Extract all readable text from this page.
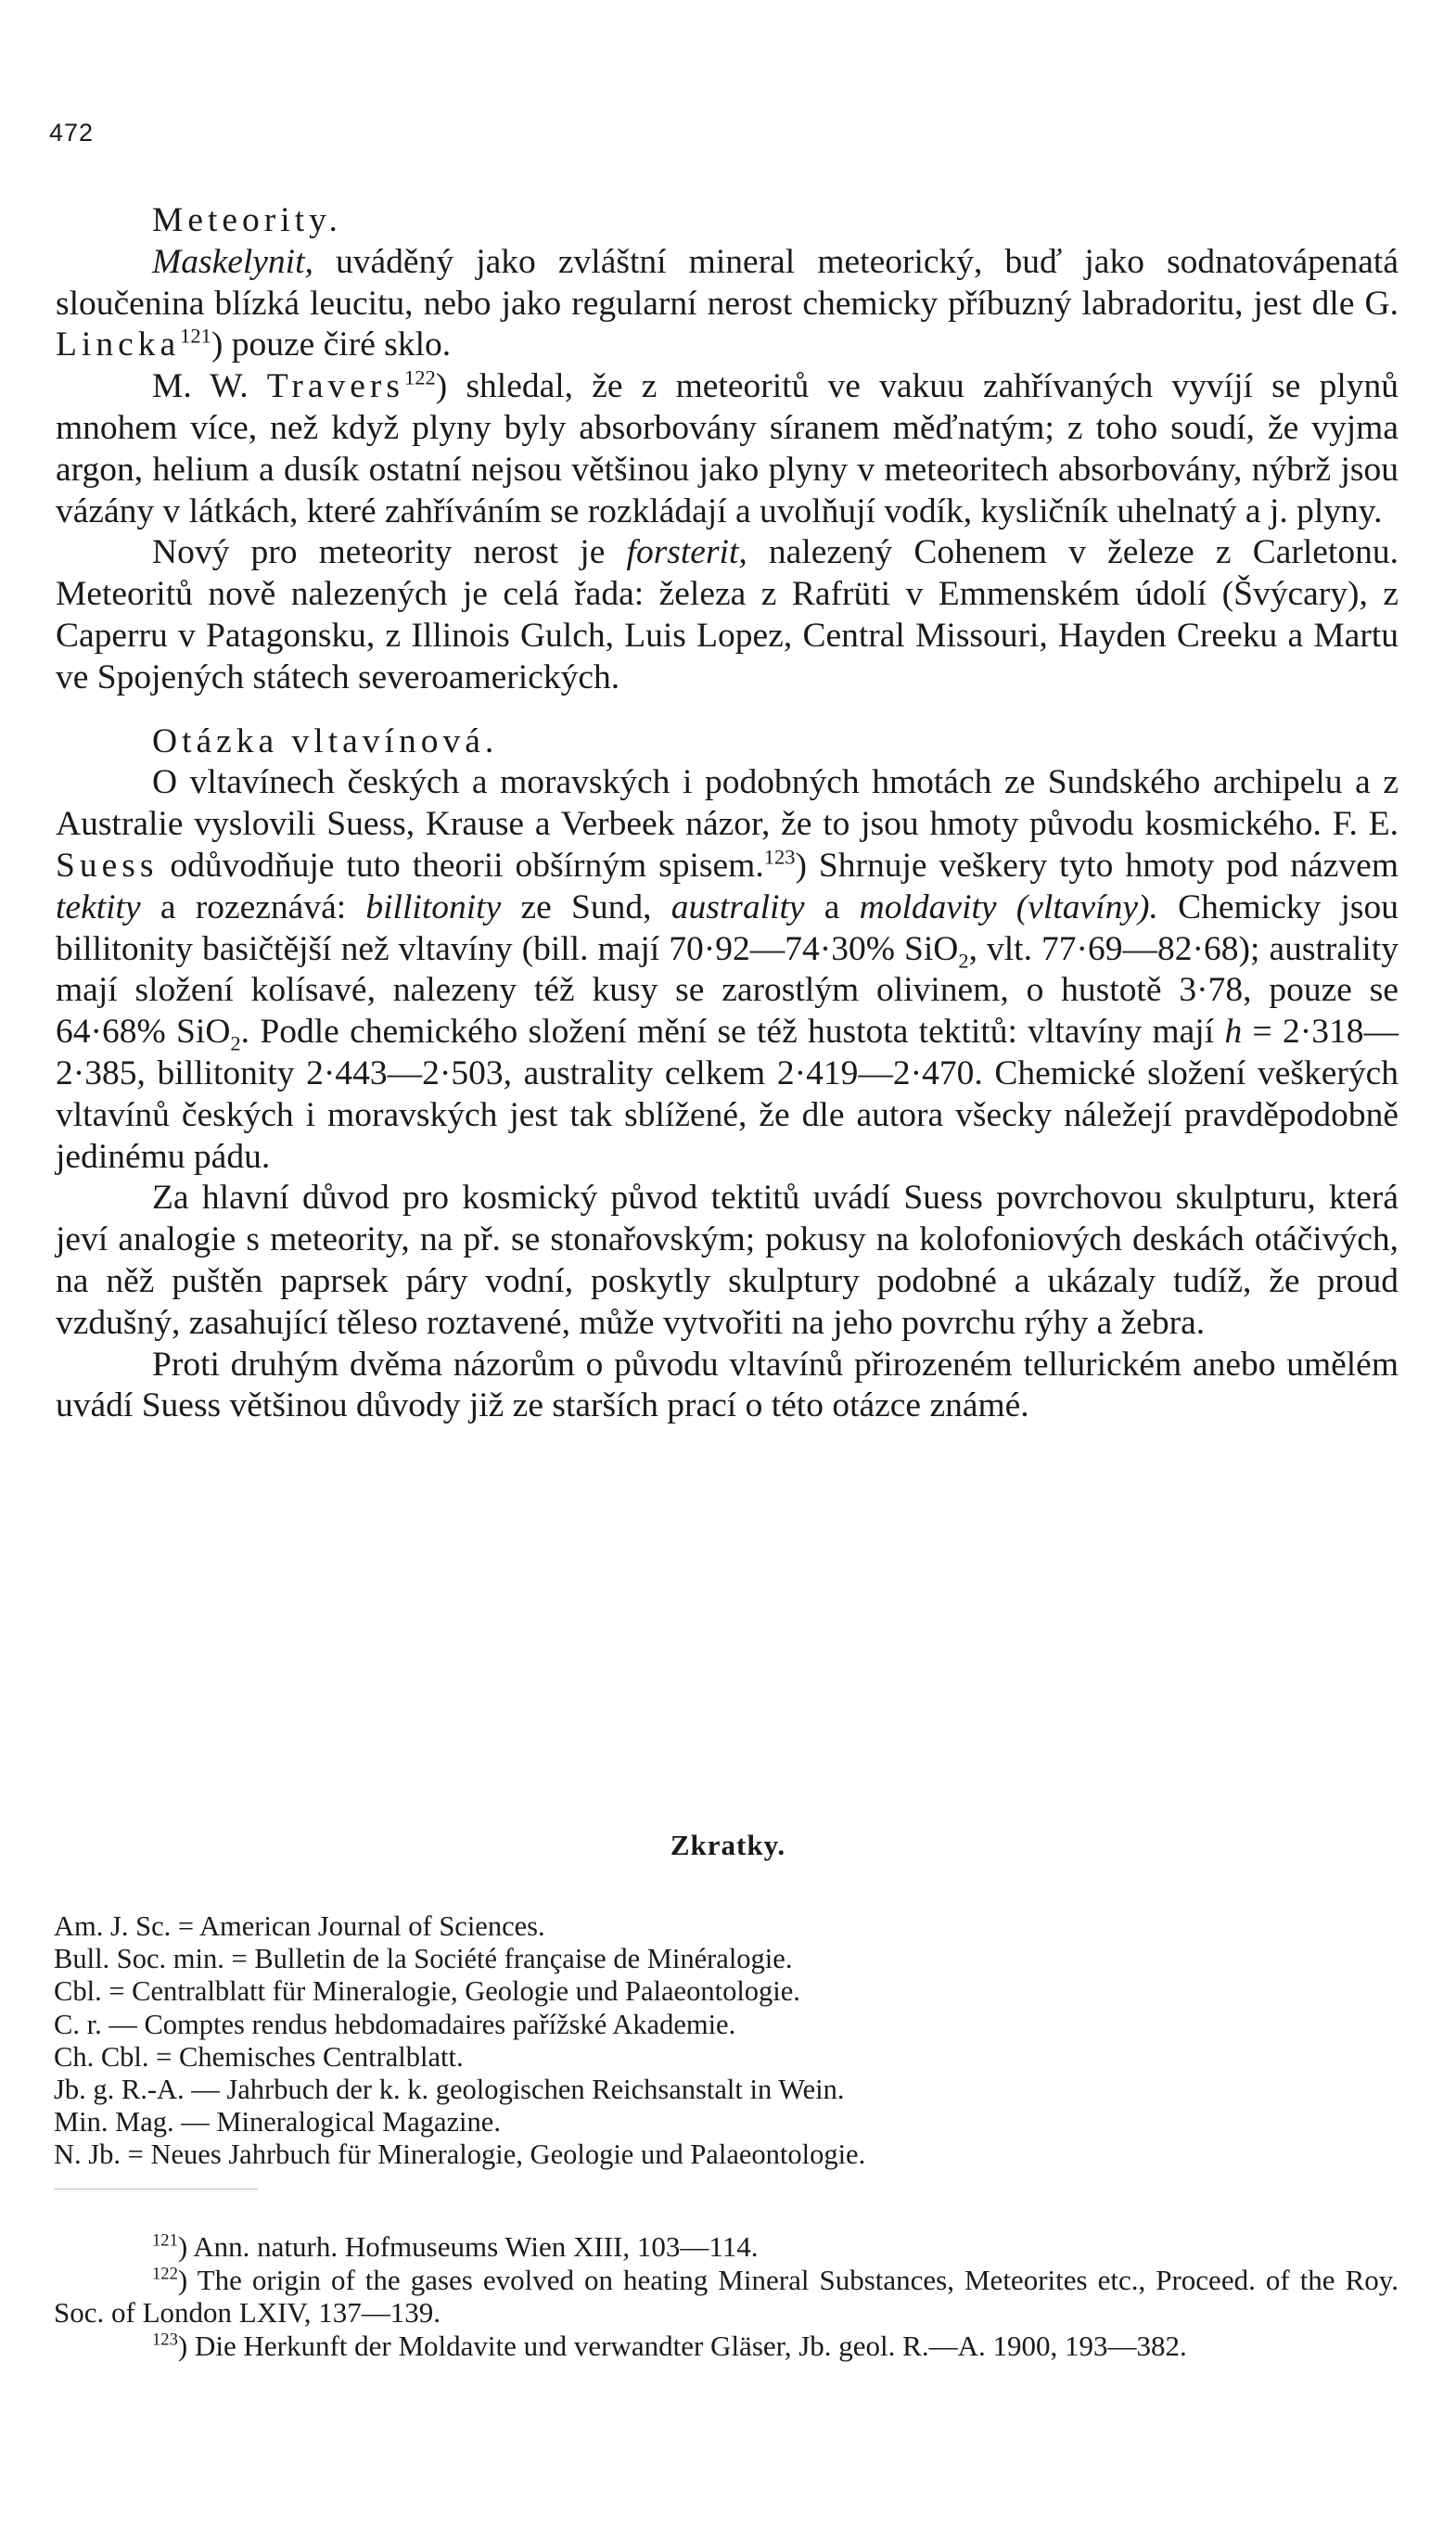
472

Meteority.

Maskelynit, uváděný jako zvláštní mineral meteorický, buď jako sodnatovápenatá sloučenina blízká leucitu, nebo jako regularní nerost chemicky příbuzný labradoritu, jest dle G. Lincka$^{121}$) pouze čiré sklo.

M. W. Travers$^{122}$) shledal, že z meteoritů ve vakuu zahřívaných vyvíjí se plynů mnohem více, než když plyny byly absorbovány síranem měďnatým; z toho soudí, že vyjma argon, helium a dusík ostatní nejsou většinou jako plyny v meteoritech absorbovány, nýbrž jsou vázány v látkách, které zahříváním se rozkládají a uvolňují vodík, kysličník uhelnatý a j. plyny.

Nový pro meteority nerost je forsterit, nalezený Cohenem v železe z Carletonu. Meteoritů nově nalezených je celá řada: železa z Rafrüti v Emmenském údolí (Švýcary), z Caperru v Patagonsku, z Illinois Gulch, Luis Lopez, Central Missouri, Hayden Creeku a Martu ve Spojených státech severoamerických.

Otázka vltavínová.

O vltavínech českých a moravských i podobných hmotách ze Sundského archipelu a z Australie vyslovili Suess, Krause a Verbeek názor, že to jsou hmoty původu kosmického. F. E. Suess odůvodňuje tuto theorii obšírným spisem.$^{123}$) Shrnuje veškery tyto hmoty pod názvem tektity a rozeznává: billitonity ze Sund, australity a moldavity (vltavíny). Chemicky jsou billitonity basičtější než vltavíny (bill. mají 70·92—74·30% SiO$_2$, vlt. 77·69—82·68); australity mají složení kolísavé, nalezeny též kusy se zarostlým olivinem, o hustotě 3·78, pouze se 64·68% SiO$_2$. Podle chemického složení mění se též hustota tektitů: vltavíny mají h = 2·318—2·385, billitonity 2·443—2·503, australity celkem 2·419—2·470. Chemické složení veškerých vltavínů českých i moravských jest tak sblížené, že dle autora všecky náležejí pravděpodobně jedinému pádu.

Za hlavní důvod pro kosmický původ tektitů uvádí Suess povrchovou skulpturu, která jeví analogie s meteority, na př. se stonařovským; pokusy na kolofoniových deskách otáčivých, na něž puštěn paprsek páry vodní, poskytly skulptury podobné a ukázaly tudíž, že proud vzdušný, zasahující těleso roztavené, může vytvořiti na jeho povrchu rýhy a žebra.

Proti druhým dvěma názorům o původu vltavínů přirozeném tellurickém anebo umělém uvádí Suess většinou důvody již ze starších prací o této otázce známé.

Zkratky.
Am. J. Sc. = American Journal of Sciences.
Bull. Soc. min. = Bulletin de la Société française de Minéralogie.
Cbl. = Centralblatt für Mineralogie, Geologie und Palaeontologie.
C. r. — Comptes rendus hebdomadaires pařížské Akademie.
Ch. Cbl. = Chemisches Centralblatt.
Jb. g. R.-A. — Jahrbuch der k. k. geologischen Reichsanstalt in Wein.
Min. Mag. — Mineralogical Magazine.
N. Jb. = Neues Jahrbuch für Mineralogie, Geologie und Palaeontologie.

$^{121}$) Ann. naturh. Hofmuseums Wien XIII, 103—114.

$^{122}$) The origin of the gases evolved on heating Mineral Substances, Meteorites etc., Proceed. of the Roy. Soc. of London LXIV, 137—139.

$^{123}$) Die Herkunft der Moldavite und verwandter Gläser, Jb. geol. R.—A. 1900, 193—382.
